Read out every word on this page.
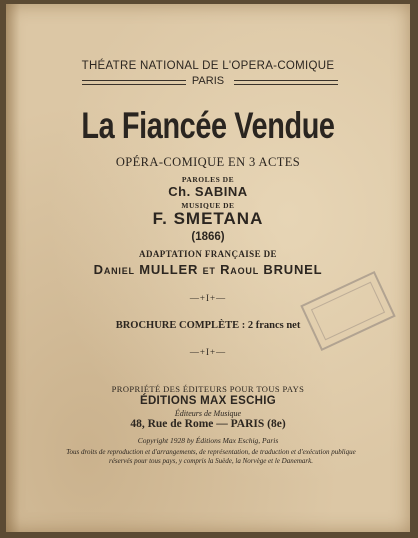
THÉATRE NATIONAL DE L'OPERA-COMIQUE
PARIS
La Fiancée Vendue
OPÉRA-COMIQUE EN 3 ACTES
PAROLES DE
Ch. SABINA
MUSIQUE DE
F. SMETANA
(1866)
ADAPTATION FRANÇAISE DE
Daniel MULLER et Raoul BRUNEL
—+I+—
BROCHURE COMPLÈTE : 2 francs net
—+I+—
PROPRIÉTÉ DES ÉDITEURS POUR TOUS PAYS
ÉDITIONS MAX ESCHIG
Éditeurs de Musique
48, Rue de Rome — PARIS (8e)
Copyright 1928 by Éditions Max Eschig, Paris
Tous droits de reproduction et d'arrangements, de représentation, de traduction et d'exécution publique réservés pour tous pays, y compris la Suède, la Norvège et le Danemark.
